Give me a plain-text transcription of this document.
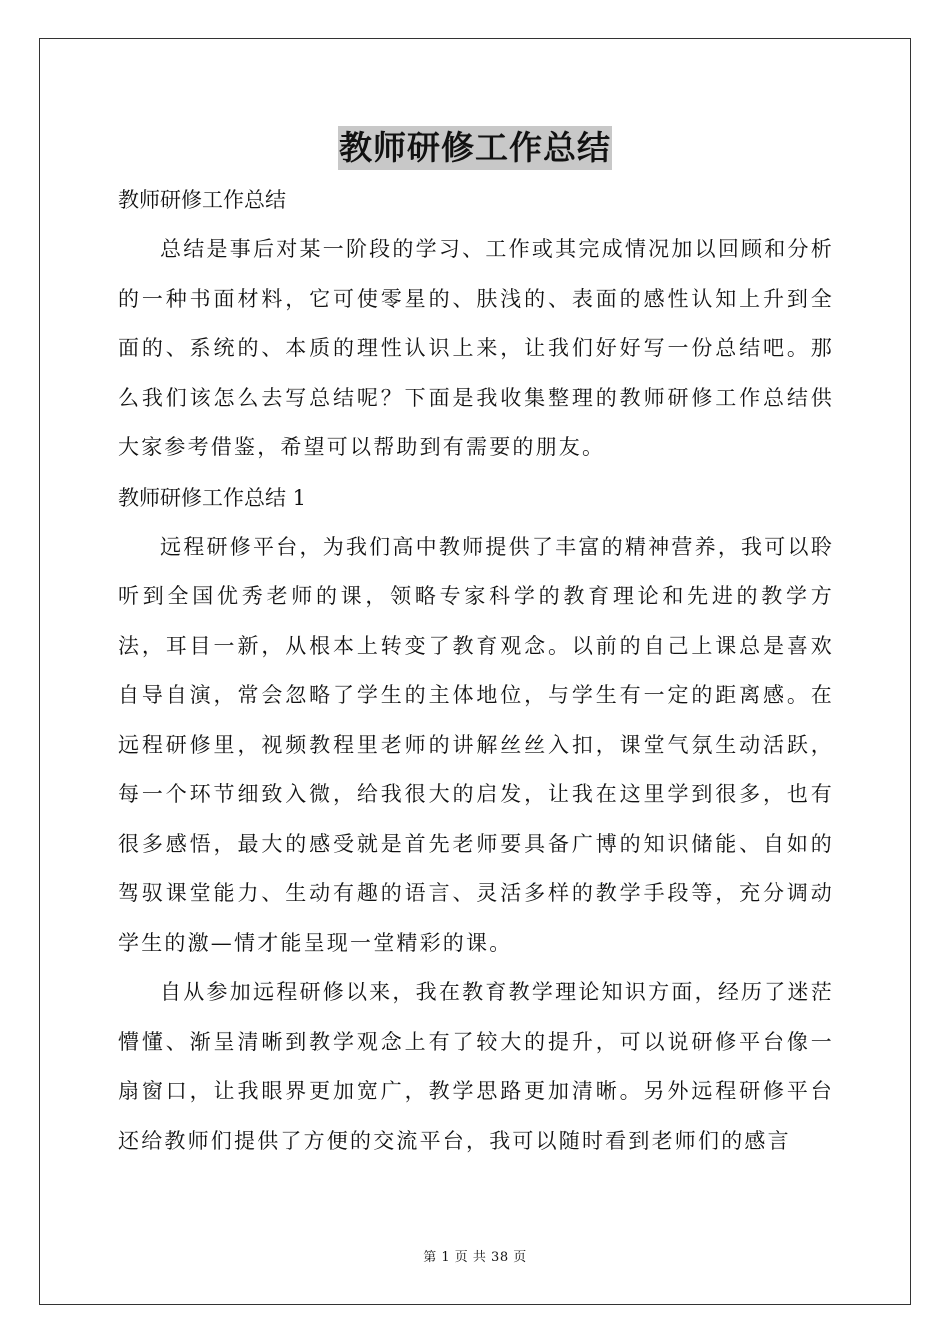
教师研修工作总结

教师研修工作总结

总结是事后对某一阶段的学习、工作或其完成情况加以回顾和分析的一种书面材料，它可使零星的、肤浅的、表面的感性认知上升到全面的、系统的、本质的理性认识上来，让我们好好写一份总结吧。那么我们该怎么去写总结呢？下面是我收集整理的教师研修工作总结供大家参考借鉴，希望可以帮助到有需要的朋友。

教师研修工作总结 1

远程研修平台，为我们高中教师提供了丰富的精神营养，我可以聆听到全国优秀老师的课，领略专家科学的教育理论和先进的教学方法，耳目一新，从根本上转变了教育观念。以前的自己上课总是喜欢自导自演，常会忽略了学生的主体地位，与学生有一定的距离感。在远程研修里，视频教程里老师的讲解丝丝入扣，课堂气氛生动活跃，每一个环节细致入微，给我很大的启发，让我在这里学到很多，也有很多感悟，最大的感受就是首先老师要具备广博的知识储能、自如的驾驭课堂能力、生动有趣的语言、灵活多样的教学手段等，充分调动学生的激—情才能呈现一堂精彩的课。

自从参加远程研修以来，我在教育教学理论知识方面，经历了迷茫懵懂、渐呈清晰到教学观念上有了较大的提升，可以说研修平台像一扇窗口，让我眼界更加宽广，教学思路更加清晰。另外远程研修平台还给教师们提供了方便的交流平台，我可以随时看到老师们的感言

第 1 页 共 38 页
